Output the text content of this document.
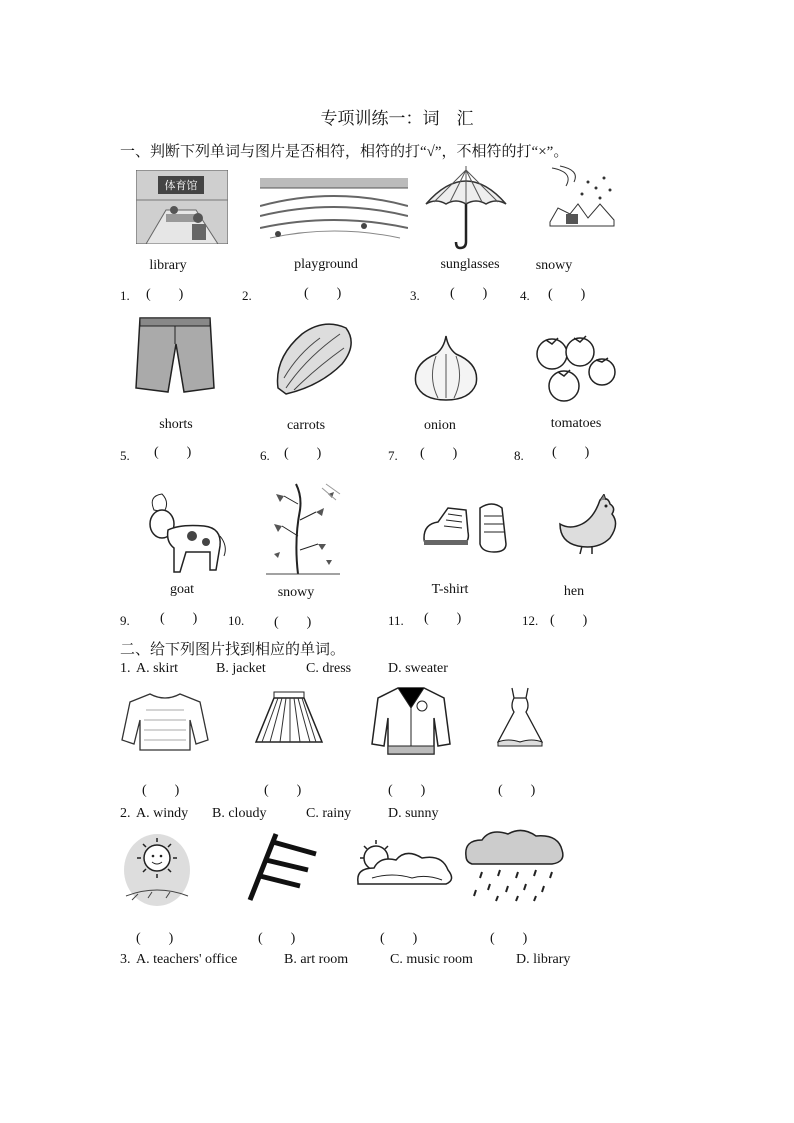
专项训练一：词　汇
一、判断下列单词与图片是否相符，相符的打“√”，不相符的打“×”。
体育馆
library	playground	sunglasses	snowy
1. (　　)	2.	(　　)	3. (　　)	4. (　　)
shorts	carrots	onion	tomatoes
5. (　　)	6. (　　)	7. (　　)	8. (　　)
goat	snowy	T-shirt	hen
9. (　　) 10. (　　)	11. (　　)	12. (　　)
二、给下列图片找到相应的单词。
1. A. skirt	B. jacket	C. dress	D. sweater
(　　)	(　　)	(　　)	(　　)
2. A. windy B. cloudy	C. rainy	D. sunny
(　　)	(　　)	(　　)	(　　)
3. A. teachers' office	B. art room	C. music room	D. library
